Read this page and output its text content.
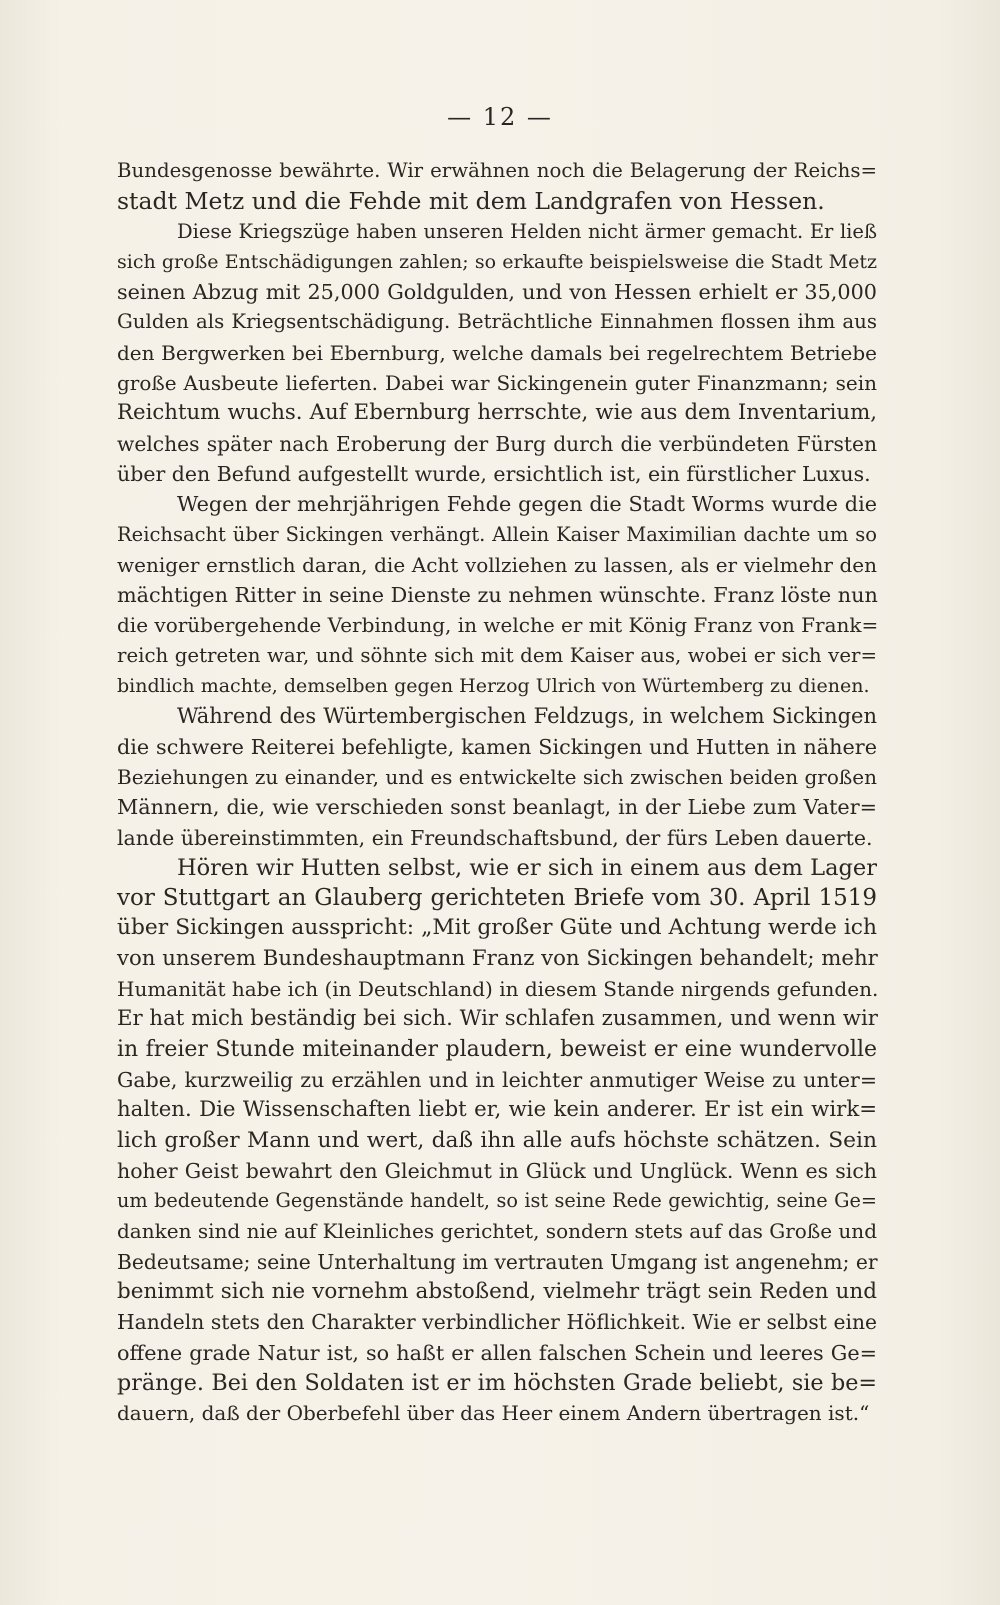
— 12 —
Bundesgenosse bewährte. Wir erwähnen noch die Belagerung der Reichs=
stadt Metz und die Fehde mit dem Landgrafen von Hessen.
Diese Kriegszüge haben unseren Helden nicht ärmer gemacht. Er ließ
sich große Entschädigungen zahlen; so erkaufte beispielsweise die Stadt Metz
seinen Abzug mit 25,000 Goldgulden, und von Hessen erhielt er 35,000
Gulden als Kriegsentschädigung. Beträchtliche Einnahmen flossen ihm aus
den Bergwerken bei Ebernburg, welche damals bei regelrechtem Betriebe
große Ausbeute lieferten. Dabei war Sickingenein guter Finanzmann; sein
Reichtum wuchs. Auf Ebernburg herrschte, wie aus dem Inventarium,
welches später nach Eroberung der Burg durch die verbündeten Fürsten
über den Befund aufgestellt wurde, ersichtlich ist, ein fürstlicher Luxus.
Wegen der mehrjährigen Fehde gegen die Stadt Worms wurde die
Reichsacht über Sickingen verhängt. Allein Kaiser Maximilian dachte um so
weniger ernstlich daran, die Acht vollziehen zu lassen, als er vielmehr den
mächtigen Ritter in seine Dienste zu nehmen wünschte. Franz löste nun
die vorübergehende Verbindung, in welche er mit König Franz von Frank=
reich getreten war, und söhnte sich mit dem Kaiser aus, wobei er sich ver=
bindlich machte, demselben gegen Herzog Ulrich von Würtemberg zu dienen.
Während des Würtembergischen Feldzugs, in welchem Sickingen
die schwere Reiterei befehligte, kamen Sickingen und Hutten in nähere
Beziehungen zu einander, und es entwickelte sich zwischen beiden großen
Männern, die, wie verschieden sonst beanlagt, in der Liebe zum Vater=
lande übereinstimmten, ein Freundschaftsbund, der fürs Leben dauerte.
Hören wir Hutten selbst, wie er sich in einem aus dem Lager
vor Stuttgart an Glauberg gerichteten Briefe vom 30. April 1519
über Sickingen ausspricht: „Mit großer Güte und Achtung werde ich
von unserem Bundeshauptmann Franz von Sickingen behandelt; mehr
Humanität habe ich (in Deutschland) in diesem Stande nirgends gefunden.
Er hat mich beständig bei sich. Wir schlafen zusammen, und wenn wir
in freier Stunde miteinander plaudern, beweist er eine wundervolle
Gabe, kurzweilig zu erzählen und in leichter anmutiger Weise zu unter=
halten. Die Wissenschaften liebt er, wie kein anderer. Er ist ein wirk=
lich großer Mann und wert, daß ihn alle aufs höchste schätzen. Sein
hoher Geist bewahrt den Gleichmut in Glück und Unglück. Wenn es sich
um bedeutende Gegenstände handelt, so ist seine Rede gewichtig, seine Ge=
danken sind nie auf Kleinliches gerichtet, sondern stets auf das Große und
Bedeutsame; seine Unterhaltung im vertrauten Umgang ist angenehm; er
benimmt sich nie vornehm abstoßend, vielmehr trägt sein Reden und
Handeln stets den Charakter verbindlicher Höflichkeit. Wie er selbst eine
offene grade Natur ist, so haßt er allen falschen Schein und leeres Ge=
pränge. Bei den Soldaten ist er im höchsten Grade beliebt, sie be=
dauern, daß der Oberbefehl über das Heer einem Andern übertragen ist.“
